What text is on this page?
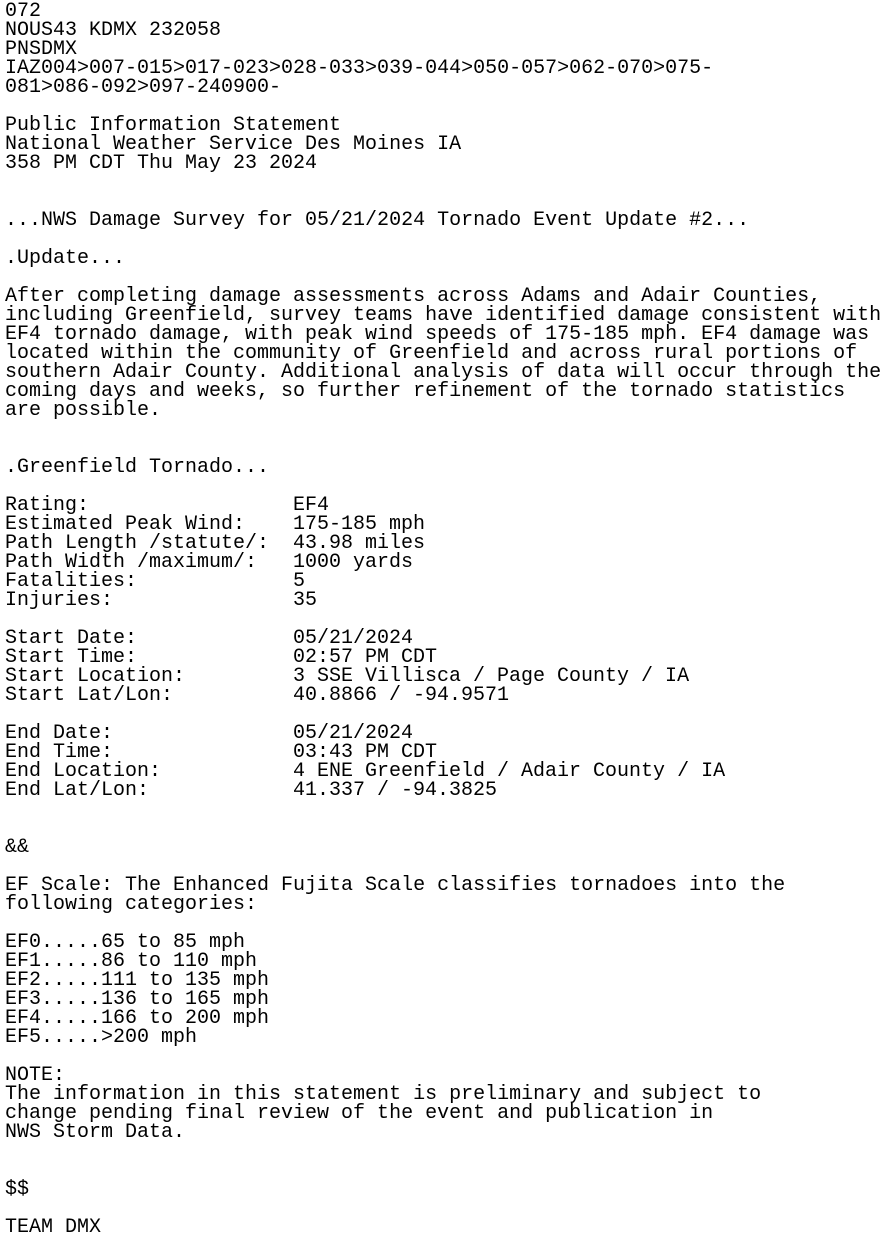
072
NOUS43 KDMX 232058
PNSDMX
IAZ004>007-015>017-023>028-033>039-044>050-057>062-070>075-
081>086-092>097-240900-
Public Information Statement
National Weather Service Des Moines IA
358 PM CDT Thu May 23 2024
...NWS Damage Survey for 05/21/2024 Tornado Event Update #2...
.Update...
After completing damage assessments across Adams and Adair Counties,
including Greenfield, survey teams have identified damage consistent with
EF4 tornado damage, with peak wind speeds of 175-185 mph. EF4 damage was
located within the community of Greenfield and across rural portions of
southern Adair County. Additional analysis of data will occur through the
coming days and weeks, so further refinement of the tornado statistics
are possible.
.Greenfield Tornado...
Rating:	EF4
Estimated Peak Wind: 175-185 mph
Path Length /statute/: 43.98 miles
Path Width /maximum/: 1000 yards
Fatalities:	5
Injuries:	35
Start Date:	05/21/2024
Start Time:	02:57 PM CDT
Start Location:	3 SSE Villisca / Page County / IA
Start Lat/Lon:	40.8866 / -94.9571
End Date:	05/21/2024
End Time:	03:43 PM CDT
End Location:	4 ENE Greenfield / Adair County / IA
End Lat/Lon:	41.337 / -94.3825
&&
EF Scale: The Enhanced Fujita Scale classifies tornadoes into the
following categories:
EF0.....65 to 85 mph
EF1.....86 to 110 mph
EF2.....111 to 135 mph
EF3.....136 to 165 mph
EF4.....166 to 200 mph
EF5.....>200 mph
NOTE:
The information in this statement is preliminary and subject to
change pending final review of the event and publication in
NWS Storm Data.
$$
TEAM DMX
